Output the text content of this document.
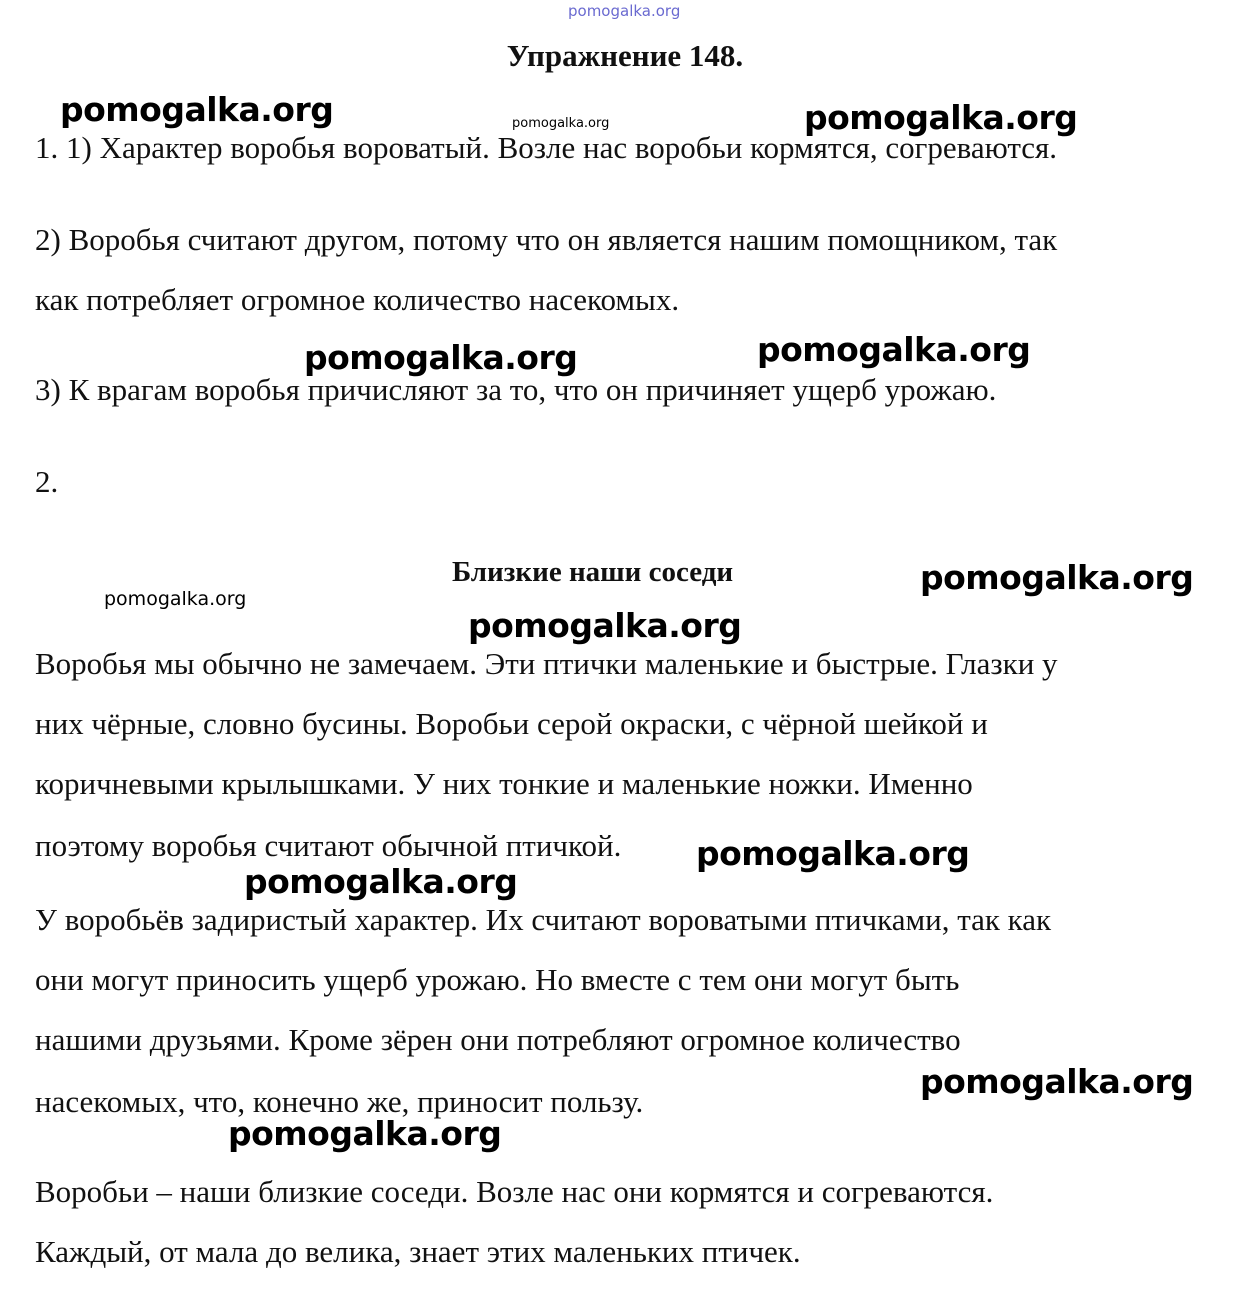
pomogalka.org
Упражнение 148.
pomogalka.org	pomogalka.org	pomogalka.org
1. 1) Характер воробья вороватый. Возле нас воробьи кормятся, согреваются.
2) Воробья считают другом, потому что он является нашим помощником, так
как потребляет огромное количество насекомых.
pomogalka.org	pomogalka.org
3) К врагам воробья причисляют за то, что он причиняет ущерб урожаю.
2.
Близкие наши соседи	pomogalka.org
pomogalka.org
pomogalka.org
Воробья мы обычно не замечаем. Эти птички маленькие и быстрые. Глазки у
них чёрные, словно бусины. Воробьи серой окраски, с чёрной шейкой и
коричневыми крылышками. У них тонкие и маленькие ножки. Именно
поэтому воробья считают обычной птичкой. pomogalka.org
pomogalka.org
У воробьёв задиристый характер. Их считают вороватыми птичками, так как
они могут приносить ущерб урожаю. Но вместе с тем они могут быть
нашими друзьями. Кроме зёрен они потребляют огромное количество
pomogalka.org
насекомых, что, конечно же, приносит пользу.
pomogalka.org
Воробьи – наши близкие соседи. Возле нас они кормятся и согреваются.
Каждый, от мала до велика, знает этих маленьких птичек.
